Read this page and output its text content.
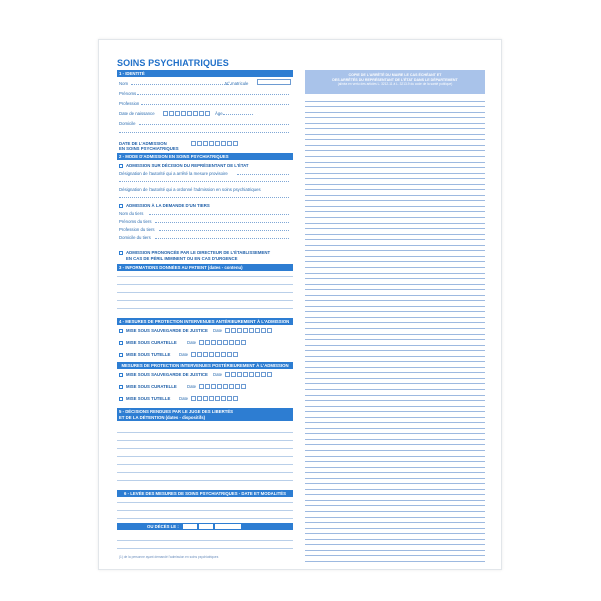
SOINS PSYCHIATRIQUES
1 - IDENTITÉ
Nom	N° matricule
Prénoms
Profession
Date de naissance	Âge
Domicile
DATE DE L'ADMISSION
EN SOINS PSYCHIATRIQUES
2 - MODE D'ADMISSION EN SOINS PSYCHIATRIQUES
ADMISSION SUR DÉCISION DU REPRÉSENTANT DE L'ÉTAT
Désignation de l'autorité qui a arrêté la mesure provisoire
Désignation de l'autorité qui a ordonné l'admission en soins psychiatriques
ADMISSION À LA DEMANDE D'UN TIERS
Nom du tiers
Prénoms du tiers
Profession du tiers
Domicile du tiers
ADMISSION PRONONCÉE PAR LE DIRECTEUR DE L'ÉTABLISSEMENT
EN CAS DE PÉRIL IMMINENT OU EN CAS D'URGENCE
3 - INFORMATIONS DONNÉES AU PATIENT (dates - contenu)
4 - MESURES DE PROTECTION INTERVENUES ANTÉRIEUREMENT À L'ADMISSION
MISE SOUS SAUVEGARDE DE JUSTICE Date
MISE SOUS CURATELLE Date
MISE SOUS TUTELLE Date
MESURES DE PROTECTION INTERVENUES POSTÉRIEUREMENT À L'ADMISSION
MISE SOUS SAUVEGARDE DE JUSTICE Date
MISE SOUS CURATELLE Date
MISE SOUS TUTELLE Date
5 - DÉCISIONS RENDUES PAR LE JUGE DES LIBERTÉS
ET DE LA DÉTENTION (dates - dispositifs)
6 - LEVÉE DES MESURES DE SOINS PSYCHIATRIQUES - DATE ET MODALITÉS
OU DÉCÈS LE :
(1) de la personne ayant demandé l'admission en soins psychiatriques
COPIE DE L'ARRÊTÉ DU MAIRE LE CAS ÉCHÉANT ET
DES ARRÊTÉS DU REPRÉSENTANT DE L'ÉTAT DANS LE DÉPARTEMENT
(alinéa en vertu des articles L. 3212-11 à L. 3213-9 du code de la santé publique)
